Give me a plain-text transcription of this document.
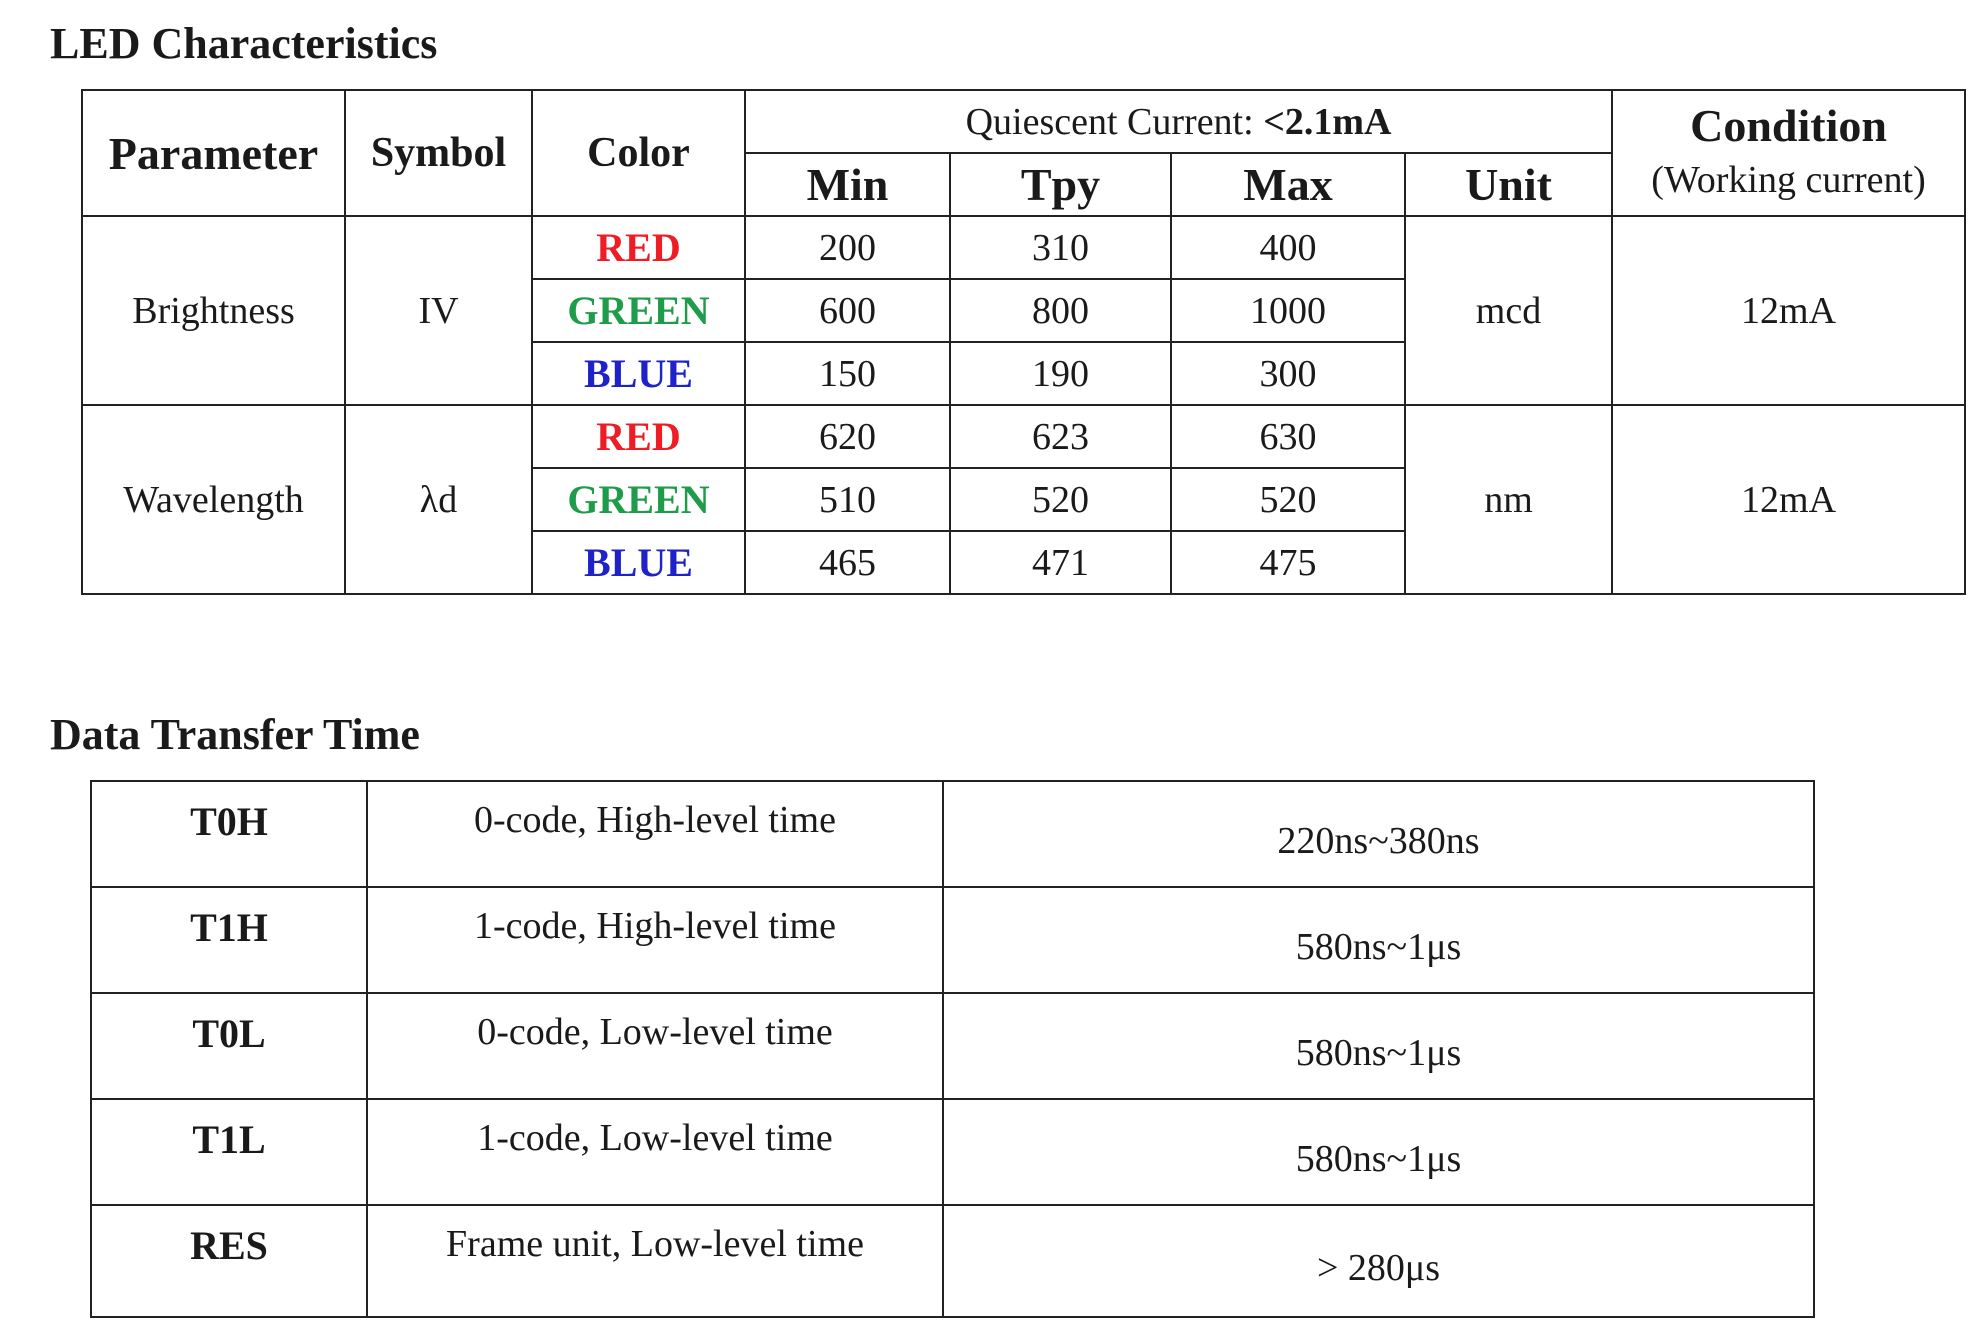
LED Characteristics
Parameter	Symbol	Color	Quiescent Current: <2.1mA				Condition
(Working current)

			Min	Tpy	Max	Unit	
Brightness	IV	RED	200	310	400	mcd	12mA
		GREEN	600	800	1000		
		BLUE	150	190	300		
Wavelength	λd	RED	620	623	630	nm	12mA
		GREEN	510	520	520		
		BLUE	465	471	475		
Data Transfer Time
T0H	0-code, High-level time	220ns~380ns
T1H	1-code, High-level time	580ns~1μs
T0L	0-code, Low-level time	580ns~1μs
T1L	1-code, Low-level time	580ns~1μs
RES	Frame unit, Low-level time	> 280μs
